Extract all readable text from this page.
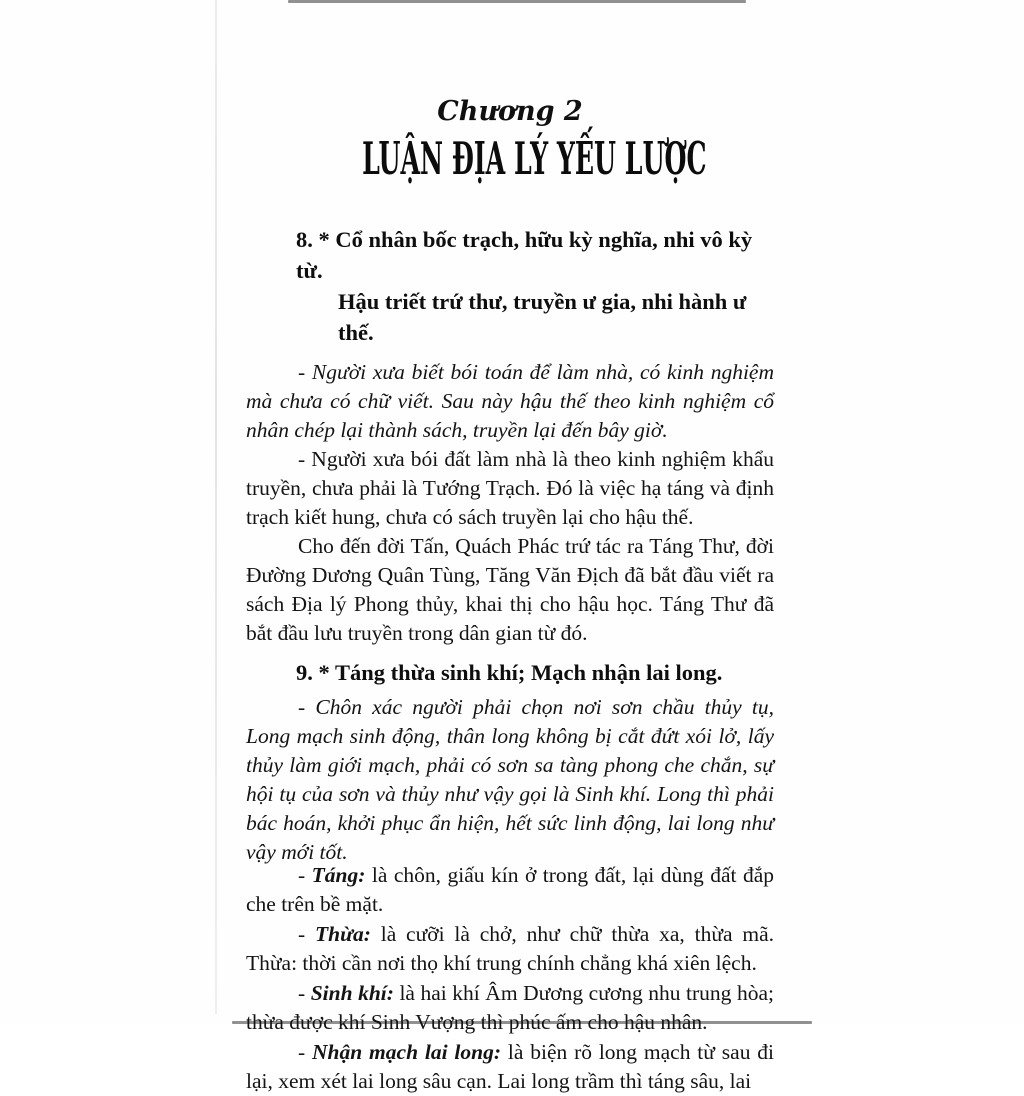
Chương 2
LUẬN ĐỊA LÝ YẾU LƯỢC
8. * Cổ nhân bốc trạch, hữu kỳ nghĩa, nhi vô kỳ từ.
Hậu triết trứ thư, truyền ư gia, nhi hành ư thế.

- Người xưa biết bói toán để làm nhà, có kinh nghiệm mà chưa có chữ viết. Sau này hậu thế theo kinh nghiệm cổ nhân chép lại thành sách, truyền lại đến bây giờ.

- Người xưa bói đất làm nhà là theo kinh nghiệm khẩu truyền, chưa phải là Tướng Trạch. Đó là việc hạ táng và định trạch kiết hung, chưa có sách truyền lại cho hậu thế.

Cho đến đời Tấn, Quách Phác trứ tác ra Táng Thư, đời Đường Dương Quân Tùng, Tăng Văn Địch đã bắt đầu viết ra sách Địa lý Phong thủy, khai thị cho hậu học. Táng Thư đã bắt đầu lưu truyền trong dân gian từ đó.

9. * Táng thừa sinh khí; Mạch nhận lai long.

- Chôn xác người phải chọn nơi sơn chầu thủy tụ, Long mạch sinh động, thân long không bị cắt đứt xói lở, lấy thủy làm giới mạch, phải có sơn sa tàng phong che chắn, sự hội tụ của sơn và thủy như vậy gọi là Sinh khí. Long thì phải bác hoán, khởi phục ẩn hiện, hết sức linh động, lai long như vậy mới tốt.

- Táng: là chôn, giấu kín ở trong đất, lại dùng đất đắp che trên bề mặt.

- Thừa: là cưỡi là chở, như chữ thừa xa, thừa mã. Thừa: thời cần nơi thọ khí trung chính chẳng khá xiên lệch.

- Sinh khí: là hai khí Âm Dương cương nhu trung hòa; thừa được khí Sinh Vượng thì phúc ấm cho hậu nhân.

- Nhận mạch lai long: là biện rõ long mạch từ sau đi lại, xem xét lai long sâu cạn. Lai long trầm thì táng sâu, lai
